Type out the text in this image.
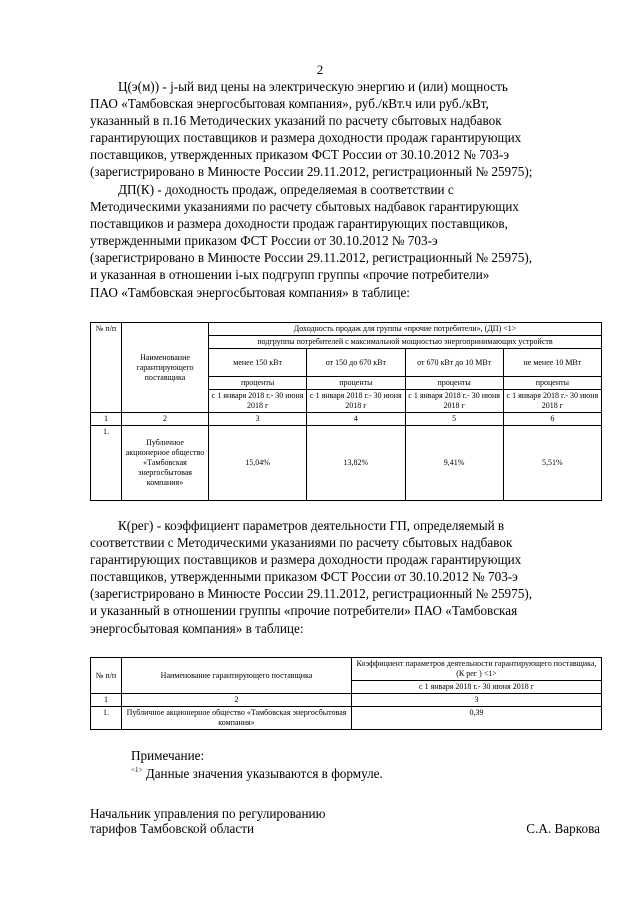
2
Ц(э(м)) - j-ый вид цены на электрическую энергию и (или) мощность
ПАО «Тамбовская энергосбытовая компания», руб./кВт.ч или руб./кВт,
указанный в п.16 Методических указаний по расчету сбытовых надбавок
гарантирующих поставщиков и размера доходности продаж гарантирующих
поставщиков, утвержденных приказом ФСТ России от 30.10.2012 № 703-э
(зарегистрировано в Минюсте России 29.11.2012, регистрационный № 25975);
ДП(К) - доходность продаж, определяемая в соответствии с
Методическими указаниями по расчету сбытовых надбавок гарантирующих
поставщиков и размера доходности продаж гарантирующих поставщиков,
утвержденными приказом ФСТ России от 30.10.2012 № 703-э
(зарегистрировано в Минюсте России 29.11.2012, регистрационный № 25975),
и указанная в отношении i-ых подгрупп группы «прочие потребители»
ПАО «Тамбовская энергосбытовая компания» в таблице:
№ п/п	Наименование гарантирующего поставщика	Доходность продаж для группы «прочие потребители», (ДП) <1>			
		подгруппы потребителей с максимальной мощностью энергопринимающих устройств			
		менее 150 кВт	от 150 до 670 кВт	от 670 кВт до 10 МВт	не менее 10 МВт
		проценты	проценты	проценты	проценты
		с 1 января 2018 г.- 30 июня 2018 г	с 1 января 2018 г.- 30 июня 2018 г	с 1 января 2018 г.- 30 июня 2018 г	с 1 января 2018 г.- 30 июня 2018 г
1	2	3	4	5	6
1.	Публичное акционерное общество «Тамбовская энергосбытовая компания»	15,04%	13,82%	9,41%	5,51%
К(рег) - коэффициент параметров деятельности ГП, определяемый в
соответствии с Методическими указаниями по расчету сбытовых надбавок
гарантирующих поставщиков и размера доходности продаж гарантирующих
поставщиков, утвержденными приказом ФСТ России от 30.10.2012 № 703-э
(зарегистрировано в Минюсте России 29.11.2012, регистрационный № 25975),
и указанный в отношении группы «прочие потребители» ПАО «Тамбовская
энергосбытовая компания» в таблице:
№ п/п	Наименование гарантирующего поставщика	Коэффициент параметров деятельности гарантирующего поставщика, (К рег ) <1>
		с 1 января 2018 г.- 30 июня 2018 г
1	2	3
1.	Публичное акционерное общество «Тамбовская энергосбытовая компания»	0,39
Примечание:
$^{<1>}$ Данные значения указываются в формуле.
Начальник управления по регулированию
тарифов Тамбовской области	С.А. Варкова
